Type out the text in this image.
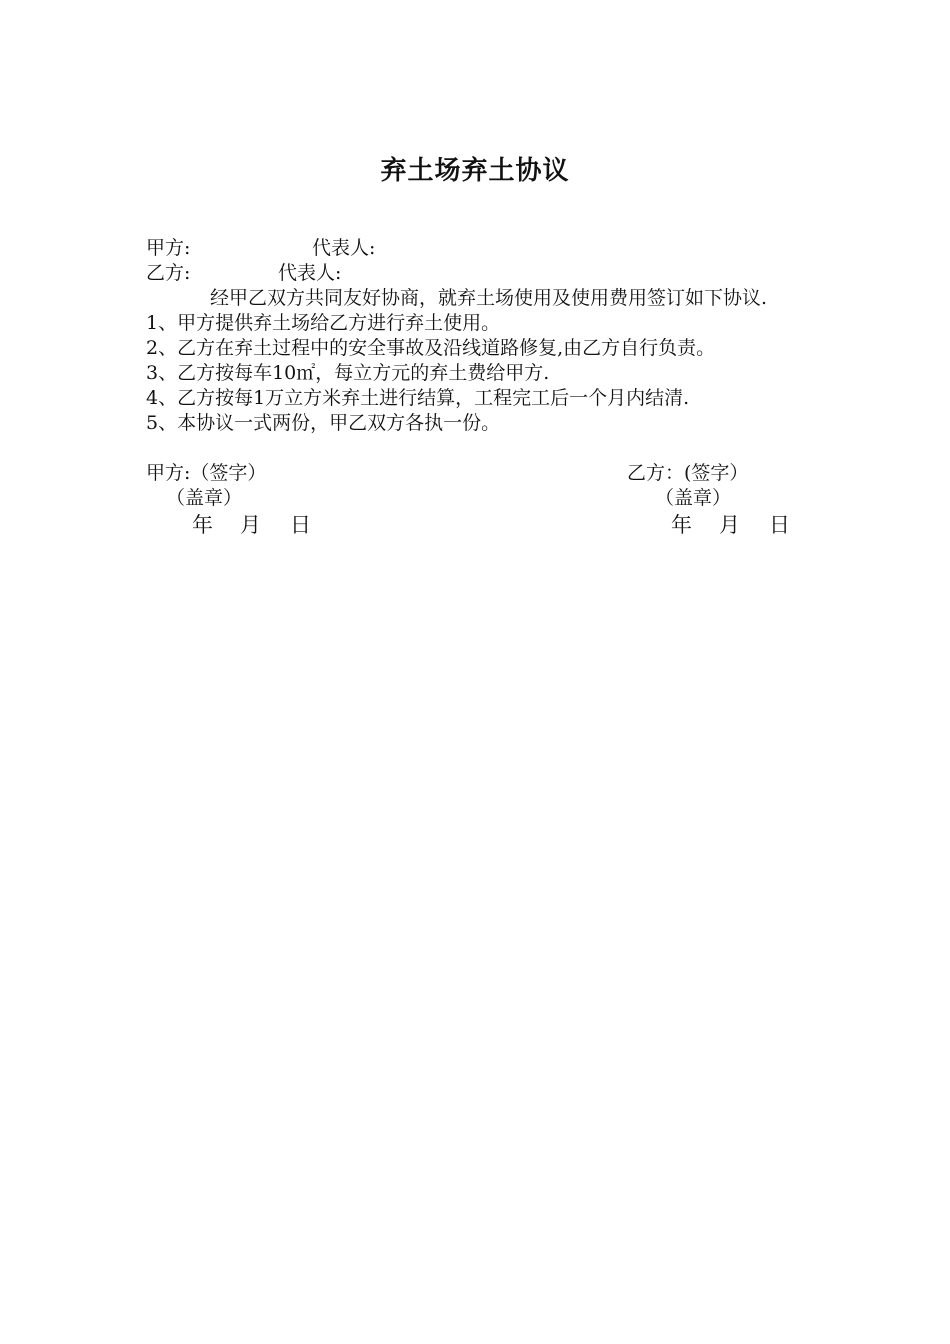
弃土场弃土协议
甲方:	代表人:
乙方:	代表人:
经甲乙双方共同友好协商，就弃土场使用及使用费用签订如下协议.
1、甲方提供弃土场给乙方进行弃土使用。
2、乙方在弃土过程中的安全事故及沿线道路修复,由乙方自行负责。
3、乙方按每车10㎡，每立方元的弃土费给甲方.
4、乙方按每1万立方米弃土进行结算，工程完工后一个月内结清.
5、本协议一式两份，甲乙双方各执一份。
甲方:（签字）
（盖章）
年 月 日
乙方：(签字）
（盖章）
年 月 日
